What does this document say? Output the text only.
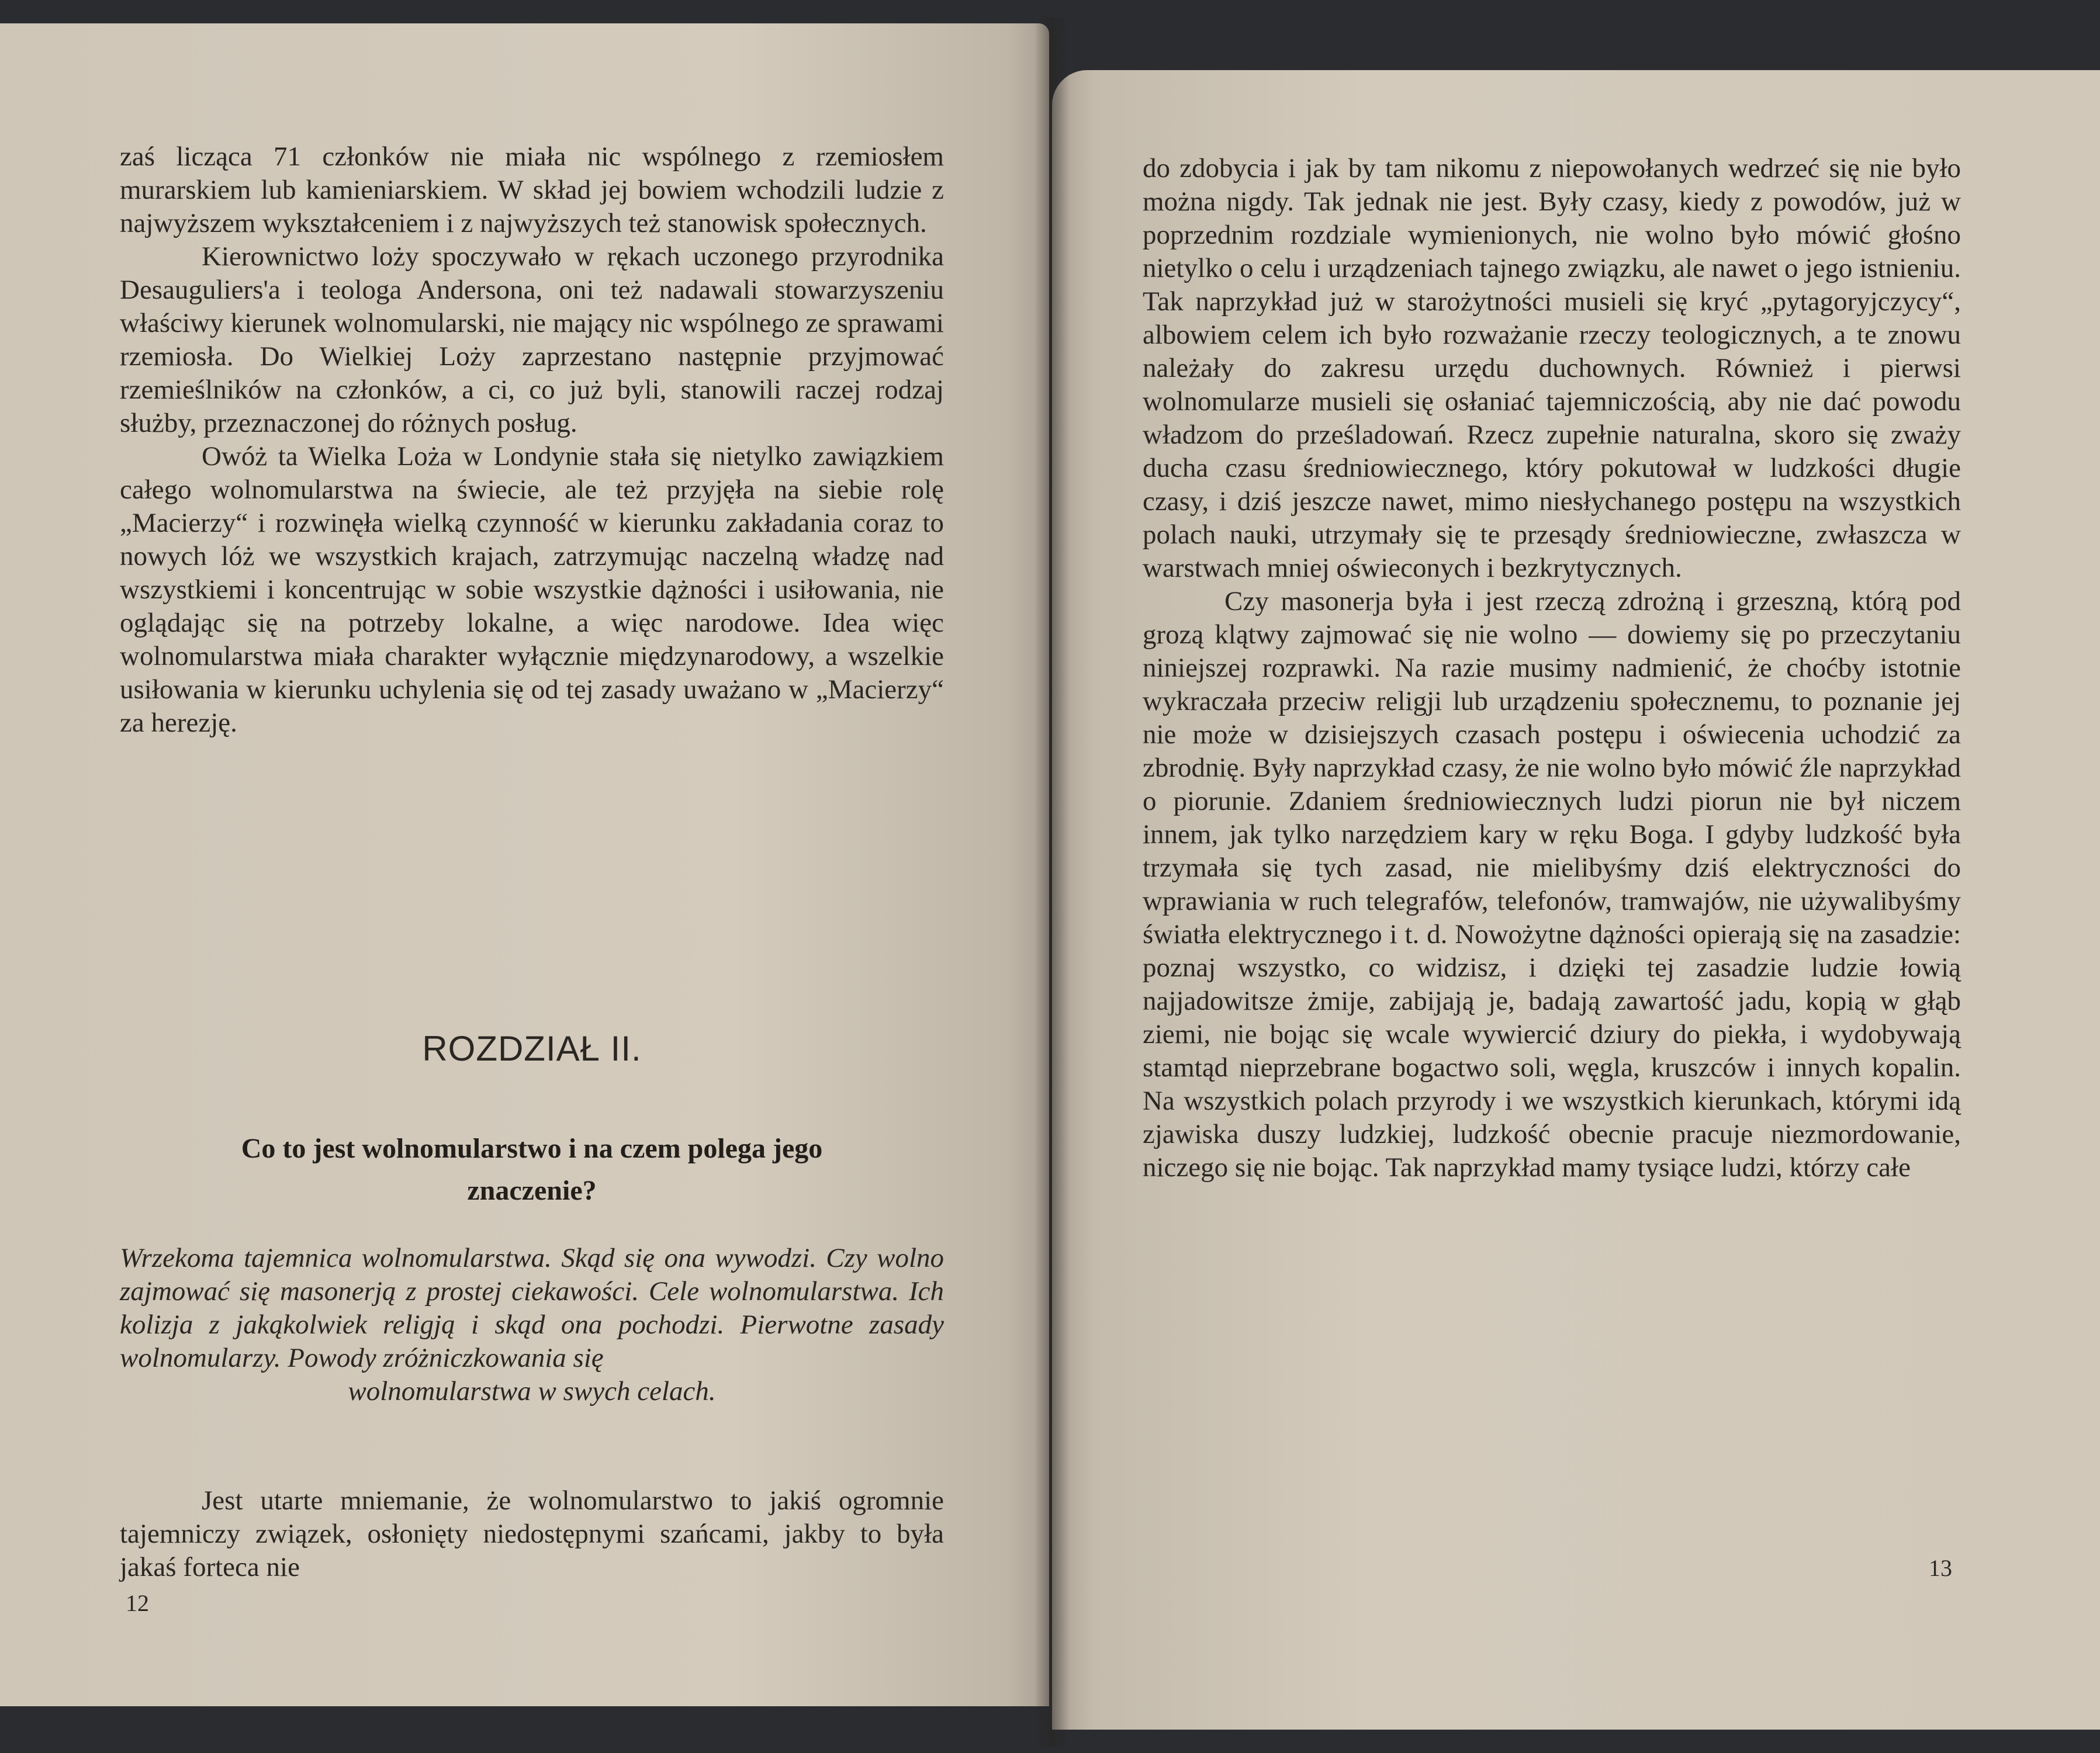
zaś licząca 71 członków nie miała nic wspólnego z rzemiosłem murarskiem lub kamieniarskiem. W skład jej bowiem wchodzili ludzie z najwyższem wykształceniem i z najwyższych też stanowisk społecznych.

Kierownictwo loży spoczywało w rękach uczonego przyrodnika Desauguliers'a i teologa Andersona, oni też nadawali stowarzyszeniu właściwy kierunek wolnomularski, nie mający nic wspólnego ze sprawami rzemiosła. Do Wielkiej Loży zaprzestano następnie przyjmować rzemieślników na członków, a ci, co już byli, stanowili raczej rodzaj służby, przeznaczonej do różnych posług.

Owóż ta Wielka Loża w Londynie stała się nietylko zawiązkiem całego wolnomularstwa na świecie, ale też przyjęła na siebie rolę „Macierzy“ i rozwinęła wielką czynność w kierunku zakładania coraz to nowych lóż we wszystkich krajach, zatrzymując naczelną władzę nad wszystkiemi i koncentrując w sobie wszystkie dążności i usiłowania, nie oglądając się na potrzeby lokalne, a więc narodowe. Idea więc wolnomularstwa miała charakter wyłącznie międzynarodowy, a wszelkie usiłowania w kierunku uchylenia się od tej zasady uważano w „Macierzy“ za herezję.

ROZDZIAŁ II.
Co to jest wolnomularstwo i na czem polega jego
znaczenie?
Wrzekoma tajemnica wolnomularstwa. Skąd się ona wywodzi. Czy wolno zajmować się masonerją z prostej ciekawości. Cele wolnomularstwa. Ich kolizja z jakąkolwiek religją i skąd ona pochodzi. Pierwotne zasady wolnomularzy. Powody zróżniczkowania się
wolnomularstwa w swych celach.

Jest utarte mniemanie, że wolnomularstwo to jakiś ogromnie tajemniczy związek, osłonięty niedostępnymi szańcami, jakby to była jakaś forteca nie

12

do zdobycia i jak by tam nikomu z niepowołanych wedrzeć się nie było można nigdy. Tak jednak nie jest. Były czasy, kiedy z powodów, już w poprzednim rozdziale wymienionych, nie wolno było mówić głośno nietylko o celu i urządzeniach tajnego związku, ale nawet o jego istnieniu. Tak naprzykład już w starożytności musieli się kryć „pytagoryjczycy“, albowiem celem ich było rozważanie rzeczy teologicznych, a te znowu należały do zakresu urzędu duchownych. Również i pierwsi wolnomularze musieli się osłaniać tajemniczością, aby nie dać powodu władzom do prześladowań. Rzecz zupełnie naturalna, skoro się zważy ducha czasu średniowiecznego, który pokutował w ludzkości długie czasy, i dziś jeszcze nawet, mimo niesłychanego postępu na wszystkich polach nauki, utrzymały się te przesądy średniowieczne, zwłaszcza w warstwach mniej oświeconych i bezkrytycznych.

Czy masonerja była i jest rzeczą zdrożną i grzeszną, którą pod grozą klątwy zajmować się nie wolno — dowiemy się po przeczytaniu niniejszej rozprawki. Na razie musimy nadmienić, że choćby istotnie wykraczała przeciw religji lub urządzeniu społecznemu, to poznanie jej nie może w dzisiejszych czasach postępu i oświecenia uchodzić za zbrodnię. Były naprzykład czasy, że nie wolno było mówić źle naprzykład o piorunie. Zdaniem średniowiecznych ludzi piorun nie był niczem innem, jak tylko narzędziem kary w ręku Boga. I gdyby ludzkość była trzymała się tych zasad, nie mielibyśmy dziś elektryczności do wprawiania w ruch telegrafów, telefonów, tramwajów, nie używalibyśmy światła elektrycznego i t. d. Nowożytne dążności opierają się na zasadzie: poznaj wszystko, co widzisz, i dzięki tej zasadzie ludzie łowią najjadowitsze żmije, zabijają je, badają zawartość jadu, kopią w głąb ziemi, nie bojąc się wcale wywiercić dziury do piekła, i wydobywają stamtąd nieprzebrane bogactwo soli, węgla, kruszców i innych kopalin. Na wszystkich polach przyrody i we wszystkich kierunkach, którymi idą zjawiska duszy ludzkiej, ludzkość obecnie pracuje niezmordowanie, niczego się nie bojąc. Tak naprzykład mamy tysiące ludzi, którzy całe

13
